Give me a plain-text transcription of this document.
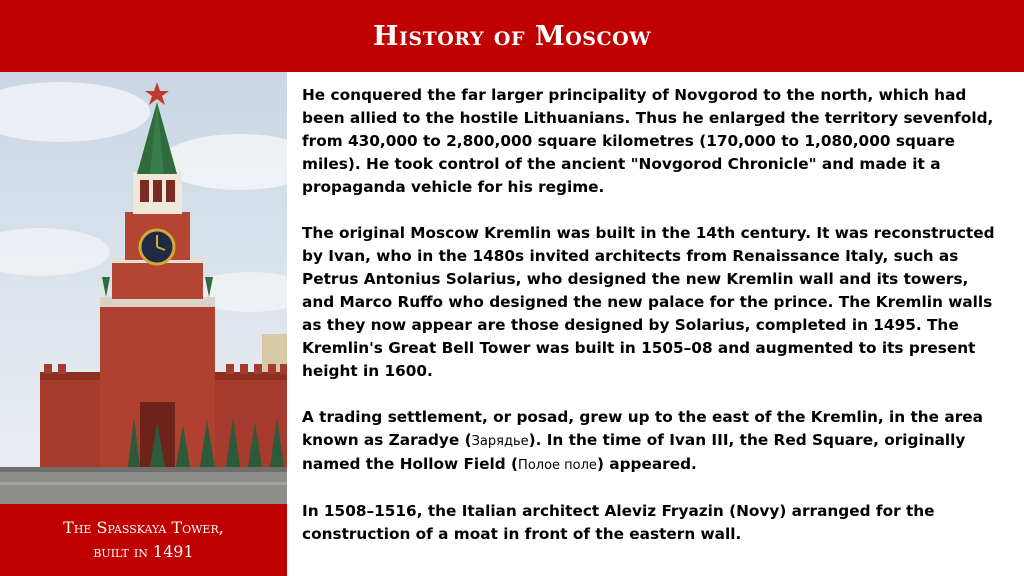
History of Moscow
The Spasskaya Tower,
built in 1491

He conquered the far larger principality of Novgorod to the north, which had been allied to the hostile Lithuanians. Thus he enlarged the territory sevenfold, from 430,000 to 2,800,000 square kilometres (170,000 to 1,080,000 square miles). He took control of the ancient "Novgorod Chronicle" and made it a propaganda vehicle for his regime.

The original Moscow Kremlin was built in the 14th century. It was reconstructed by Ivan, who in the 1480s invited architects from Renaissance Italy, such as Petrus Antonius Solarius, who designed the new Kremlin wall and its towers, and Marco Ruffo who designed the new palace for the prince. The Kremlin walls as they now appear are those designed by Solarius, completed in 1495. The Kremlin's Great Bell Tower was built in 1505–08 and augmented to its present height in 1600.

A trading settlement, or posad, grew up to the east of the Kremlin, in the area known as Zaradye (Зарядье). In the time of Ivan III, the Red Square, originally named the Hollow Field (Полое поле) appeared.

In 1508–1516, the Italian architect Aleviz Fryazin (Novy) arranged for the construction of a moat in front of the eastern wall.
